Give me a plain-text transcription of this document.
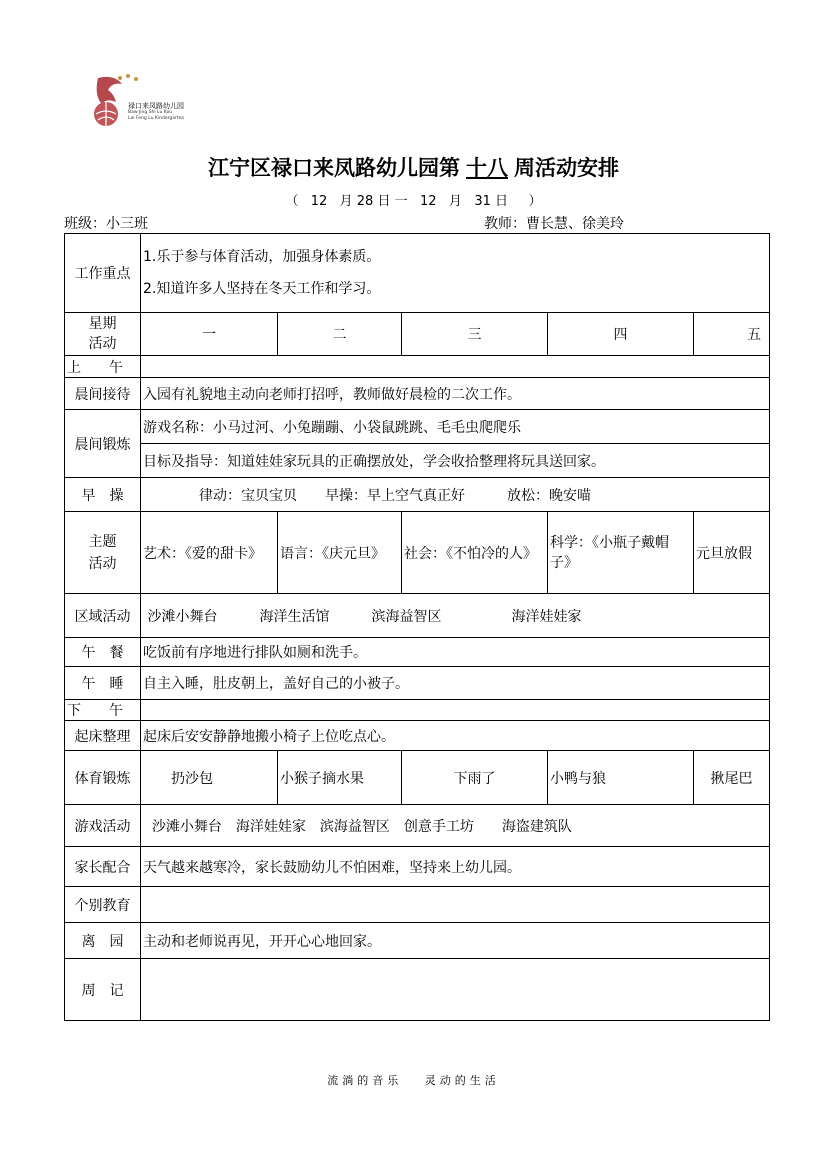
禄口来凤路幼儿园
Baw Jing Shi Lu Kou
Lai Feng Lu Kindergarten
江宁区禄口来凤路幼儿园第 十八 周活动安排
（   12   月 28 日 一   12   月   31 日     ）
班级：小三班	教师：曹长慧、徐美玲
工作重点	1.乐于参与体育活动，加强身体素质。
2.知道许多人坚持在冬天工作和学习。				

星期
活动	一	二	三	四	五
上　　午					
晨间接待	入园有礼貌地主动向老师打招呼，教师做好晨检的二次工作。				
晨间锻炼	游戏名称：小马过河、小兔蹦蹦、小袋鼠跳跳、毛毛虫爬爬乐				
	目标及指导：知道娃娃家玩具的正确摆放处，学会收拾整理将玩具送回家。				
早　操	律动：宝贝宝贝　　早操：早上空气真正好　　　放松：晚安喵				
主题
活动	艺术：《爱的甜卡》	语言：《庆元旦》	社会：《不怕冷的人》	科学：《小瓶子戴帽
子》	元旦放假
区域活动	沙滩小舞台　　　海洋生活馆　　　滨海益智区　　　　　海洋娃娃家				
午　餐	吃饭前有序地进行排队如厕和洗手。				
午　睡	自主入睡，肚皮朝上，盖好自己的小被子。				
下　　午					
起床整理	起床后安安静静地搬小椅子上位吃点心。				
体育锻炼	扔沙包	小猴子摘水果	下雨了	小鸭与狼	揪尾巴
游戏活动	沙滩小舞台　海洋娃娃家　滨海益智区　创意手工坊　　海盗建筑队				
家长配合	天气越来越寒冷，家长鼓励幼儿不怕困难，坚持来上幼儿园。				
个别教育					
离　园	主动和老师说再见，开开心心地回家。				
周　记					
流淌的音乐　 灵动的生活
